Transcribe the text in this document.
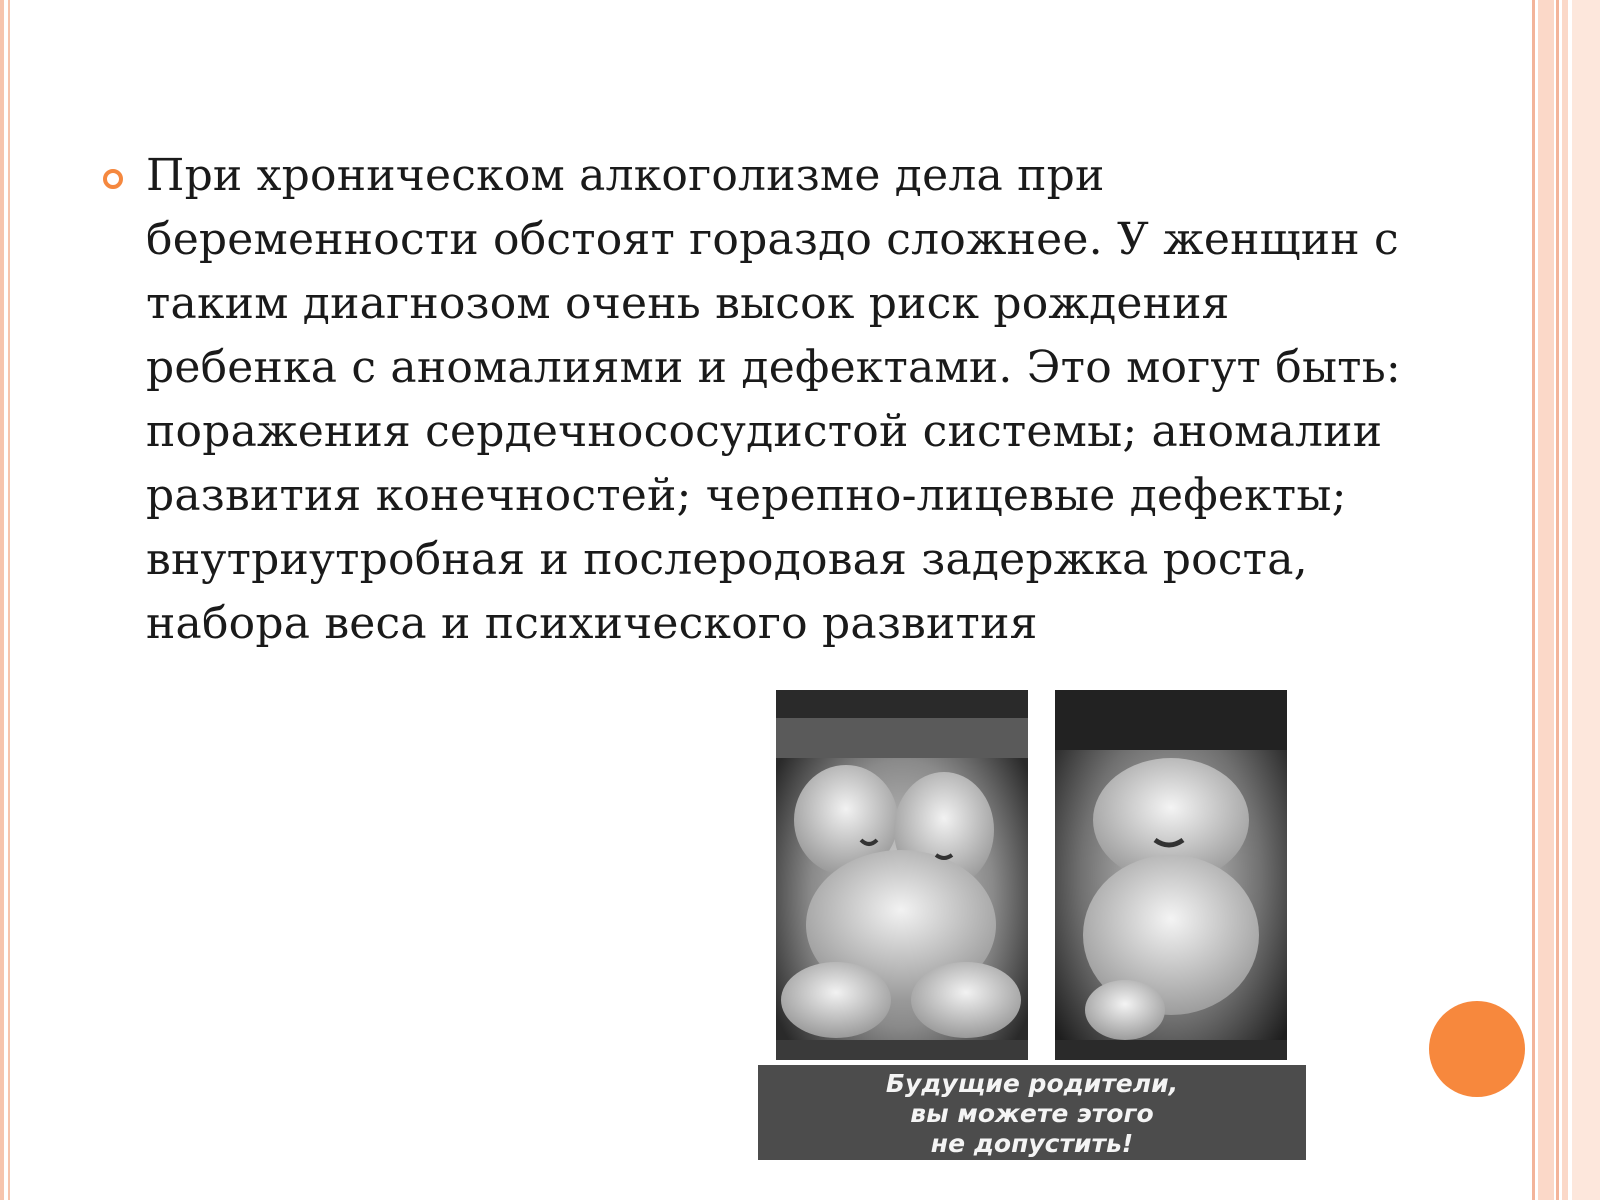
При хроническом алкоголизме дела при беременности обстоят гораздо сложнее. У женщин с таким диагнозом очень высок риск рождения ребенка с аномалиями и дефектами. Это могут быть: поражения сердечнососудистой системы; аномалии развития конечностей; черепно-лицевые дефекты; внутриутробная и послеродовая задержка роста, набора веса и психического развития

Будущие родители,
вы можете этого
не допустить!
